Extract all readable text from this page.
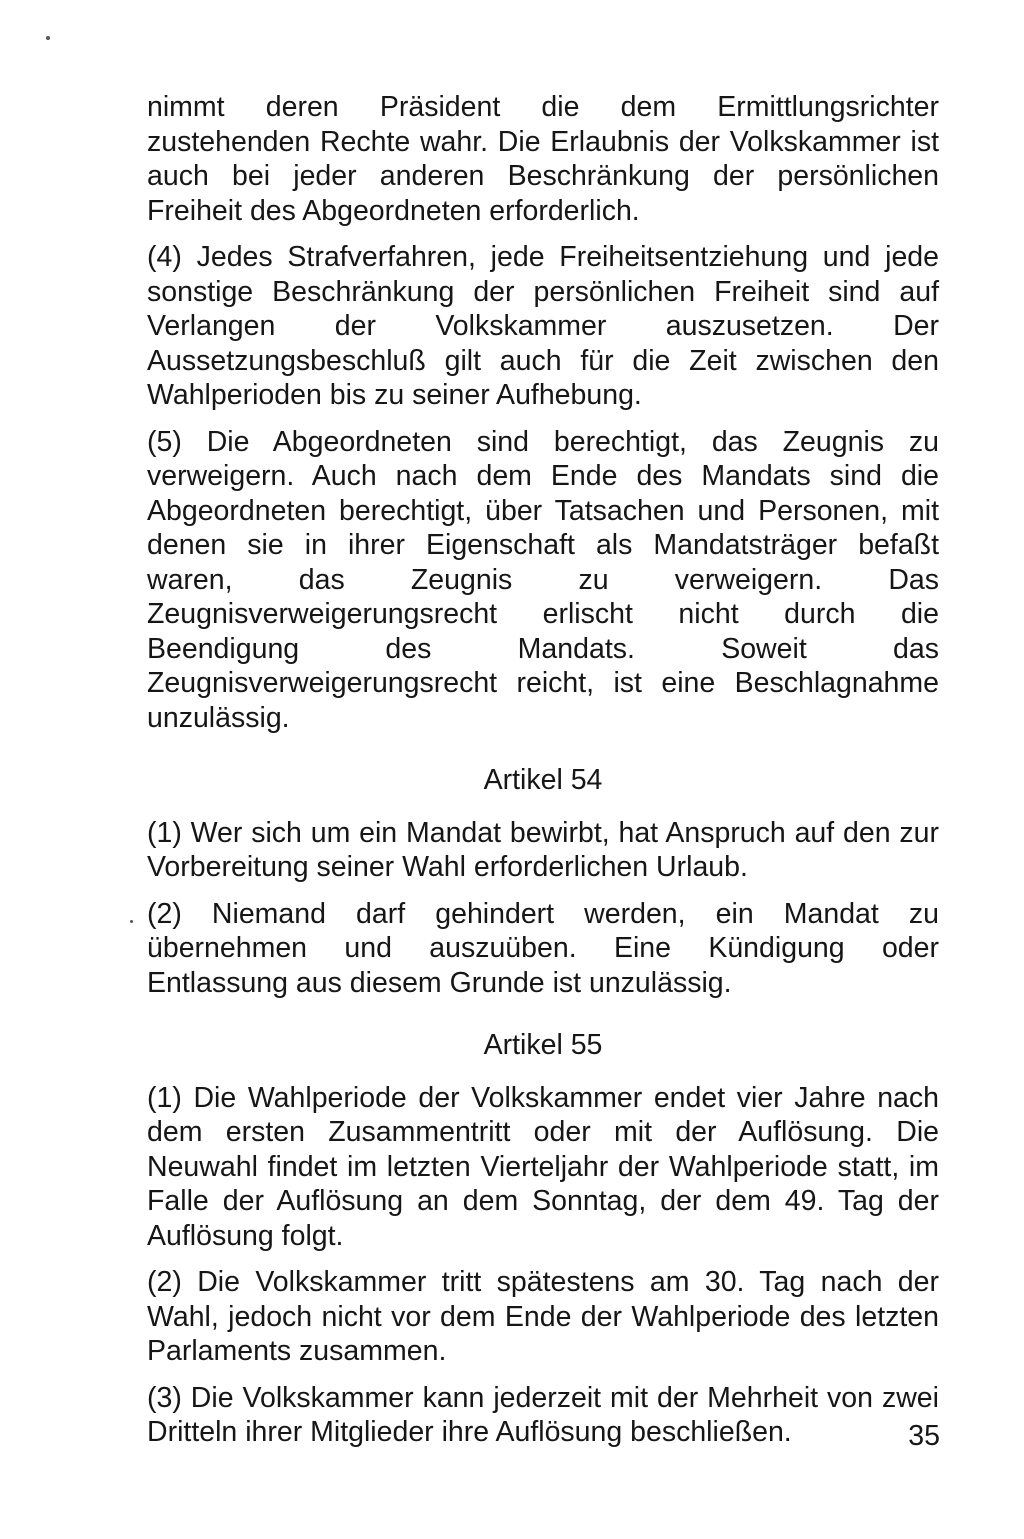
nimmt deren Präsident die dem Ermittlungsrichter zustehenden Rechte wahr. Die Erlaubnis der Volkskammer ist auch bei jeder anderen Beschränkung der persönlichen Freiheit des Abgeordneten erforderlich.

(4) Jedes Strafverfahren, jede Freiheitsentziehung und jede sonstige Beschränkung der persönlichen Freiheit sind auf Verlangen der Volkskammer auszusetzen. Der Aussetzungsbeschluß gilt auch für die Zeit zwischen den Wahlperioden bis zu seiner Aufhebung.

(5) Die Abgeordneten sind berechtigt, das Zeugnis zu verweigern. Auch nach dem Ende des Mandats sind die Abgeordneten berechtigt, über Tatsachen und Personen, mit denen sie in ihrer Eigenschaft als Mandatsträger befaßt waren, das Zeugnis zu verweigern. Das Zeugnisverweigerungsrecht erlischt nicht durch die Beendigung des Mandats. Soweit das Zeugnisverweigerungsrecht reicht, ist eine Beschlagnahme unzulässig.

Artikel 54

(1) Wer sich um ein Mandat bewirbt, hat Anspruch auf den zur Vorbereitung seiner Wahl erforderlichen Urlaub.

(2) Niemand darf gehindert werden, ein Mandat zu übernehmen und auszuüben. Eine Kündigung oder Entlassung aus diesem Grunde ist unzulässig.

Artikel 55

(1) Die Wahlperiode der Volkskammer endet vier Jahre nach dem ersten Zusammentritt oder mit der Auflösung. Die Neuwahl findet im letzten Vierteljahr der Wahlperiode statt, im Falle der Auflösung an dem Sonntag, der dem 49. Tag der Auflösung folgt.

(2) Die Volkskammer tritt spätestens am 30. Tag nach der Wahl, jedoch nicht vor dem Ende der Wahlperiode des letzten Parlaments zusammen.

(3) Die Volkskammer kann jederzeit mit der Mehrheit von zwei Dritteln ihrer Mitglieder ihre Auflösung beschließen.	35
